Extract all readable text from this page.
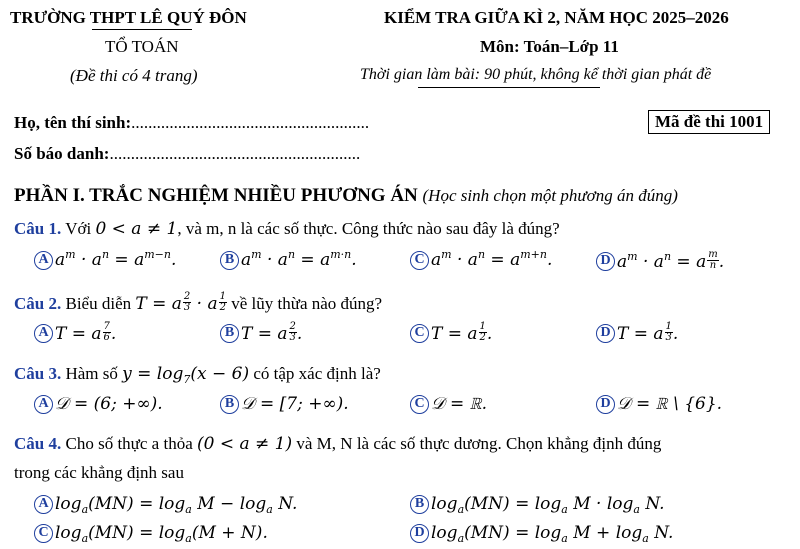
TRƯỜNG THPT LÊ QUÝ ĐÔN
TỔ TOÁN
(Đề thi có 4 trang)
KIỂM TRA GIỮA KÌ 2, NĂM HỌC 2025–2026
Môn: Toán–Lớp 11
Thời gian làm bài: 90 phút, không kể thời gian phát đề
Họ, tên thí sinh:........................................................
Số báo danh:...........................................................
Mã đề thi 1001
PHẦN I. TRẮC NGHIỆM NHIỀU PHƯƠNG ÁN (Học sinh chọn một phương án đúng)
Câu 1. Với 0 < a ≠ 1, và m, n là các số thực. Công thức nào sau đây là đúng?
A $a^m \cdot a^n = a^{m-n}$.	B $a^m \cdot a^n = a^{m\cdot n}$.	C $a^m \cdot a^n = a^{m+n}$.	D $a^m \cdot a^n = a \frac{m}{n}$ .
Câu 2. Biểu diễn T = a $\frac{2}{3} \cdot a \frac{1}{2}$ về lũy thừa nào đúng?
A T = a $\frac{7}{6}$ .	B T = a $\frac{2}{3}$ .	C T = a $\frac{1}{2}$ .	D T = a $\frac{1}{3}$ .
Câu 3. Hàm số $y = \log_7(x - 6)$ có tập xác định là?
A 𝒟 = (6; +∞).	B 𝒟 = [7; +∞).	C 𝒟 = ℝ.	D 𝒟 = ℝ \ {6}.
Câu 4. Cho số thực a thỏa (0 < a ≠ 1) và M, N là các số thực dương. Chọn khẳng định đúng
trong các khẳng định sau
A $\log_a(MN) = \log_a M - \log_a N$.	B $\log_a(MN) = \log_a M \cdot \log_a N$.
C $\log_a(MN) = \log_a(M + N)$.	D $\log_a(MN) = \log_a M + \log_a N$.
